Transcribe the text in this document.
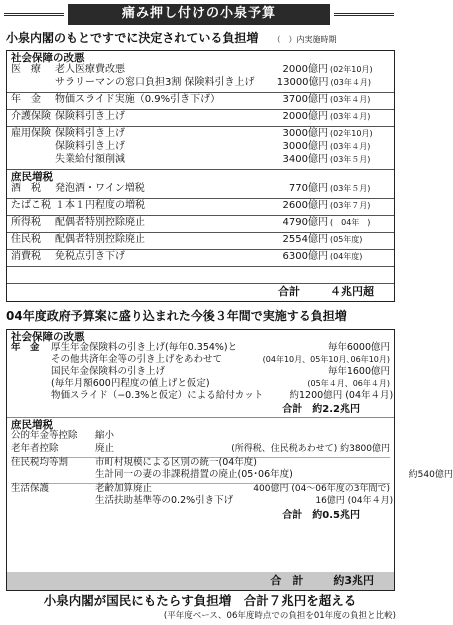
痛み押し付けの小泉予算
小泉内閣のもとですでに決定されている負担増 （　）内実施時期
社会保障の改悪
医　療	老人医療費改悪	2000億円 (02年10月)
サラリーマンの窓口負担3割 保険料引き上げ	13000億円 (03年４月)
年　金	物価スライド実施（0.9%引き下げ）	3700億円 (03年４月)
介護保険 保険料引き上げ	2000億円 (03年４月)
雇用保険 保険料引き上げ	3000億円 (02年10月)
保険料引き上げ	3000億円 (03年４月)
失業給付額削減	3400億円 (03年５月)
庶民増税
酒　税	発泡酒・ワイン増税	770億円 (03年５月)
たばこ税 １本１円程度の増税	2600億円 (03年７月)
所得税	配偶者特別控除廃止	4790億円 (　04年　)
住民税	配偶者特別控除廃止	2554億円 (05年度)
消費税	免税点引き下げ	6300億円 (04年度)
合計	４兆円超
04年度政府予算案に盛り込まれた今後３年間で実施する負担増
社会保障の改悪
年　金	厚生年金保険料の引き上げ(毎年0.354%)と	毎年6000億円
その他共済年金等の引き上げをあわせて	(04年10月、05年10月､06年10月)
国民年金保険料の引き上げ	毎年1600億円
(毎年月額600円程度の値上げと仮定)	(05年４月、06年４月)
物価スライド（−0.3%と仮定）による給付カット	約1200億円 (04年４月)
合計 約2.2兆円
庶民増税
公的年金等控除	縮小
老年者控除	廃止	(所得税、住民税あわせて) 約3800億円
住民税均等割	市町村規模による区別の統一(04年度)
生計同一の妻の非課税措置の廃止(05･06年度)	約540億円
生活保護	老齢加算廃止	400億円 (04〜06年度の3年間で)
生活扶助基準等の0.2%引き下げ	16億円 (04年４月)
合計 約0.5兆円
合　計	約3兆円
小泉内閣が国民にもたらす負担増　合計７兆円を超える
(平年度ベース、06年度時点での負担を01年度の負担と比較)
